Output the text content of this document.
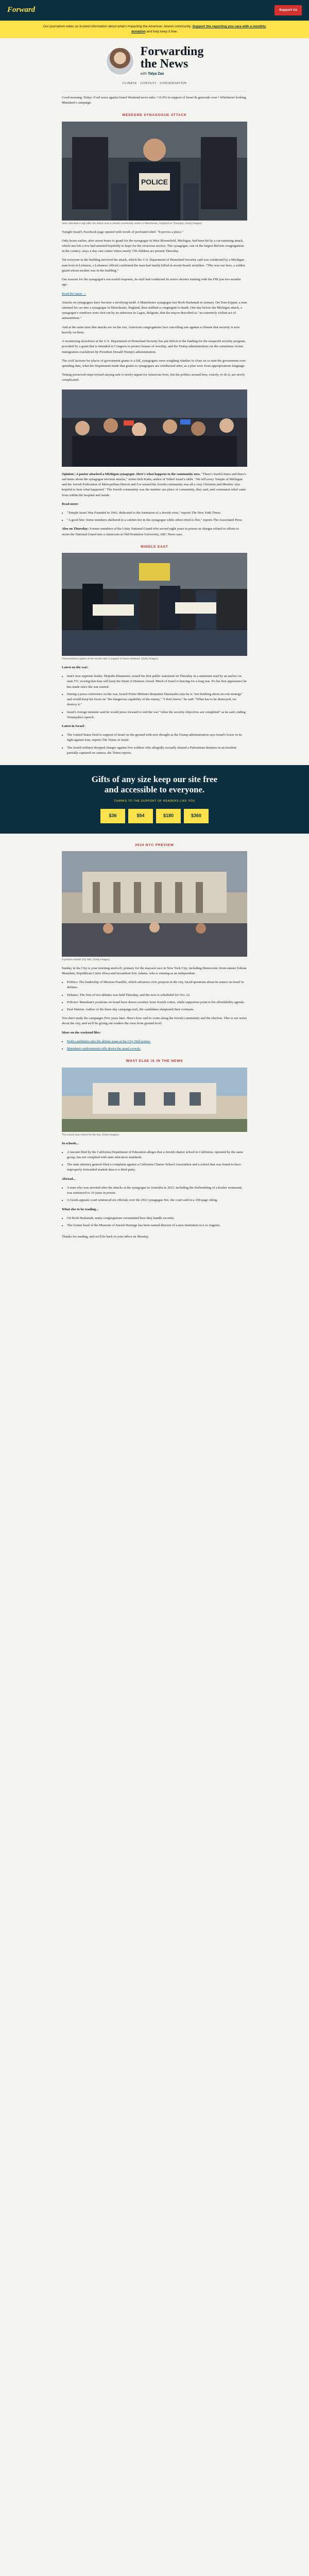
Forward	Support Us
Our journalism relies on trusted information about what's impacting the American Jewish community. Support the reporting you care with a monthly donation and help keep it free.
Forwarding
the News
with Talya Zax
CLIMATE · CONTEXT · CONVERSATION

Good morning. Today: Ford wave against Israel Weekend news sales +16.9% in support of Israel & genocide over • Whichever looking Mamdani's campaign.

WEEKEND SYNAGOGUE ATTACK
POLICE
Jews attended a vigil after the attack near a Jewish community center in Manchester, England on Thursday. (Getty Images)

Tonight Israel's Facebook page opened with words of profound relief. "It proves a place."

Only hours earlier, after seven hours to guard for the synagogue in West Bloomfield, Michigan, had been hit by a car-ramming attack, which one left a few had assisted hopefully to hope for the vivacious service. The synagogue, one of the largest Reform congregations in the country, stays a day care center where nearly 150 children are present Thursday.

Yet everyone in the building survived the attack, which the U.S. Department of Homeland Security said was conducted by a Michigan man born in Lebanon, a Lebanese official confirmed the man had family killed in recent Israeli airstrikes. "This was our hero, a soldier guard whose mother was in the building."

Our reasons for the synagogue's successful response, its staff had conducted its active shooter training with the FBI just two months ago.

Read the latest →

Attacks on synagogues have become a terrifying mold. A Manchester synagogue last Rosh Hashanah in January. On Yom Kippur, a man rammed his car into a synagogue in Manchester, England, then stabbed a congregant to death. One day before the Michigan attack, a synagogue's windows were shot out by an unknown in Lagos, Belgium, that the mayor described as "an extremely violent act of antisemitism."

And at the same time that attacks are on the rise, American congregations face cancelling one against a climate that security is now heavily on them.

A monitoring slowdown at the U.S. Department of Homeland Security has put deficit in the funding for the nonprofit security program, provided by a grant that is intended in Congress to protect houses of worship, and the Trump administration cut the sometimes victim immigration crackdown by President Donald Trump's administration.

The civil factions for places of government grants is a lull, synagogues were weighing whether to close on or start the government ever-spending date, what the Department made that grants to synagogues are reimbursed after, as a plan were from appropriations language.

Timing preserved steps toward staying safe is newly urgent for American Jews, but the politics around how, exactly, to do it, are newly complicated.

Opinion | A pastor attacked a Michigan synagogue. Here's what happens to the community now. "There's fearful times and there's sad times about the synagogue terrorist attacks," writes Bob Kahn, author of Yehiel Israel's rabbi. "We tell every Temple of Michigan and the Jewish Federation of Metropolitan Detroit and I've sensed the Jewish community was all a very Christian and Muslim: also hopeful to hear what happened." The Jewish community was the number one place of community, they said, and communal relief came from within the hospital and inside.

Read more:

• "Temple Israel Was Founded in 1941, dedicated to the formation of a Jewish view," reports The New York Times
• "A good line: Some members sheltered in a cabinet tier in the synagogue while others tried to flee," reports The Associated Press

Also on Thursday: Former members of the Unity National Guard who served eight years in prison on charges related to efforts to storm the National Guard into a classroom at Old Dominion University, ABC News says.

MIDDLE EAST
Demonstrators gather at the recent rally in support of those detained. (Getty Images)

Latest on the war:

• Iran's new supreme leader, Mojtaba Khamenei, issued his first public statement on Thursday in a statement read by an anchor on state TV, vowing that Iran will keep the Strait of Hormuz closed. Much of Israel is bracing for a long war. It's his first appearance he has made since the war started.
• During a press conference on the war, Israeli Prime Minister Benjamin Netanyahu says he is "not thinking about an exit strategy" and would keep his focus on "the dangerous capability of the enemy." "I don't know," he said. "What has to be destroyed, we destroy it."
• Israel's foreign minister said he would press forward to end the war "when the security objectives are completed" as he said, ending Netanyahu's speech.

Latest in Israel:

• The United States fired to support of Israel on the ground with new drought as the Trump administration says Israel's lower in its fight against Iran, reports The Times of Israel.
• The Israeli military dropped charges against five soldiers who allegedly sexually abused a Palestinian detainee in an incident partially captured on camera, the Times reports.
Gifts of any size keep our site free
and accessible to everyone.
THANKS TO THE SUPPORT OF READERS LIKE YOU
$36	$54	$180	$360
2024 NYC PREVIEW
A protest outside City Hall. (Getty Images)

Sunday in the City is your morning send-off, primary for the mayoral race in New York City, including Democratic front-runner Zohran Mamdani, Republican Curtis Sliwa and incumbent Eric Adams, who is running as an independent.

• Politics: The leadership of Mission Possible, which advances civic projects in the city, faced questions about its stance on Israel in debates.
• Debates: The first of two debates was held Thursday, and the next is scheduled for Oct. 22.
• Policies: Mamdani's positions on Israel have drawn scrutiny from Jewish voters, while supporters point to his affordability agenda.
• Paul Danton: Author of the three-day campaign trail, the candidates sharpened their contrasts.

You don't study the campaigns Five years later. Here's how said to come along the Jewish community and the election. This is our series about the city, and we'll be giving our readers the view from ground level.

More on the weekend files:

• Eight candidates take the debate stage at the City Hall primer.
• Mamdani's endorsement rally draws the usual crowds.
WHAT ELSE IS IN THE NEWS
The school was closed for the day. (Getty Images)

In schools...

• A lawsuit filed by the California Department of Education alleges that a Jewish charter school in California, operated by the same group, has not complied with state education standards.
• The state attorney general filed a complaint against a California Charter School Association and a school that was found to have improperly forwarded student data to a third party.

Abroad...

• A man who was arrested after the attacks at the synagogue in Australia in 2023, including the firebombing of a kosher restaurant, was sentenced to 10 years in prison.
• A Greek appeals court sentenced six officials over the 2023 synagogue fire, the court said in a 100-page ruling.

What else to be reading...

• On Rosh Hashanah, many congregations reexamined how they handle security.
• The former head of the Museum of Jewish Heritage has been named director of a new institution in Los Angeles.

Thanks for reading, and we'll be back in your inbox on Monday.
